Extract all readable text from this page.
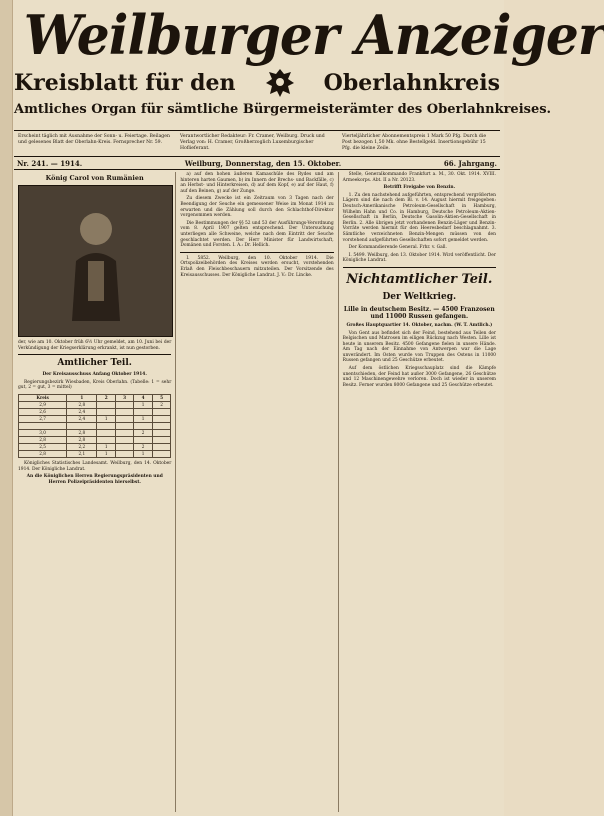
Weilburger Anzeiger
Kreisblatt für den	Oberlahnkreis
Amtliches Organ für sämtliche Bürgermeisterämter des Oberlahnkreises.
Erscheint täglich mit Ausnahme der Sonn- u. Feiertage. Beilagen und gelesenes Blatt der Oberlahn-Kreis. Fernsprecher Nr. 59.
Verantwortlicher Redakteur: Fr. Cramer, Weilburg. Druck und Verlag von: H. Cramer, Großherzoglich Luxemburgischer Hoflieferant.
Vierteljährlicher Abonnementspreis 1 Mark 50 Pfg. Durch die Post bezogen 1,50 Mk. ohne Bestellgeld. Insertionsgebühr 15 Pfg. die kleine Zeile.
Nr. 241. — 1914.	Weilburg, Donnerstag, den 15. Oktober.	66. Jahrgang.
König Carol von Rumänien
der, wie am 10. Oktober früh 6½ Uhr gemeldet, am 10. Juni bei der Verkündigung der Kriegserklärung erkrankt, ist nun gestorben.
Amtlicher Teil.
Der Kreisausschuss Anfang Oktober 1914.

Regierungsbezirk Wiesbaden, Kreis Oberlahn. (Tabelle: 1 = sehr gut, 2 = gut, 3 = mittel)

Kreis	1	2	3	4	5
2,9	2,8			1	2
2,6	2,4				
2,7	2,4	1		1	

3,0	2,8			2	
2,8	2,8				
2,5	2,2	1		2	
2,8	2,1	1		1	

Königliches Statistisches Landesamt. Weilburg, den 14. Oktober 1914. Der Königliche Landrat.

An die Königlichen Herren Regierungspräsidenten und Herren Polizeipräsidenten hierselbst.

a) auf den hohen äußeren Kamaschüle des Rydes und am hinteren harten Gaumen, b) im Innern der Brechs- und Backfälle, c) an Herbst- und Hinterkreisen, d) auf dem Kopf, e) auf der Haut, f) auf den Beinen, g) auf der Zunge.

Zu diesem Zwecke ist ein Zeitraum von 3 Tagen nach der Beendigung der Seuche ein gemessener Weise im Monat 1914 zu erwarten und die Zählung soll durch den Schlachthof-Direktor vorgenommen werden.

Die Bestimmungen der §§ 52 und 53 der Ausführungs-Verordnung vom 8. April 1907 gelten entsprechend. Der Untersuchung unterliegen alle Schweine, welche nach dem Eintritt der Seuche geschlachtet werden. Der Herr Minister für Landwirtschaft, Domänen und Forsten. I. A.: Dr. Hellich.

I. 5852. Weilburg, den 10. Oktober 1914. Die Ortspolizeibehörden des Kreises werden ersucht, vorstehenden Erlaß den Fleischbeschauern mitzuteilen. Der Vorsitzende des Kreisausschusses. Der Königliche Landrat. J. V.: Dr. Lincke.

Stelle, Generalkommando Frankfurt a. M., 30. Okt. 1914. XVIII. Armeekorps. Abt. II a Nr. 20123.

Betrifft Freigabe von Benzin.

1. Zu den nachstehend aufgeführten, entsprechend vergrößerten Lägern sind die nach dem Bl. v. 14. August hiermit freigegeben: Deutsch-Amerikanische Petroleum-Gesellschaft in Hamburg, Wilhelm Hahn und Co. in Hamburg, Deutsche Petroleum-Aktien-Gesellschaft in Berlin, Deutsche Gasolin-Aktien-Gesellschaft in Berlin. 2. Alle übrigen jetzt vorhandenen Benzin-Läger und Benzin-Vorräte werden hiermit für den Heeresbedarf beschlagnahmt. 3. Sämtliche verzeichneten Benzin-Mengen müssen von den vorstehend aufgeführten Gesellschaften sofort gemeldet werden.

Der Kommandierende General. Frhr. v. Gall.

I. 5499. Weilburg, den 13. Oktober 1914. Wird veröffentlicht. Der Königliche Landrat.

Nichtamtlicher Teil.
Der Weltkrieg.
Lille in deutschem Besitz. — 4500 Franzosen und 11000 Russen gefangen.
Großes Hauptquartier 14. Oktober, nachm. (W. T. Amtlich.)

Von Gent aus befindet sich der Feind, bestehend aus Teilen der Belgischen und Matrosen im eiligen Rückzug nach Westen. Lille ist heute in unserem Besitz. 4500 Gefangene fielen in unsere Hände. Am Tag nach der Einnahme von Antwerpen war die Lage unverändert. Im Osten wurde von Truppen des Ostens in 11000 Russen gefangen und 25 Geschütze erbeutet.

Auf dem östlichen Kriegsschauplatz sind die Kämpfe unentschieden, der Feind hat außer 3000 Gefangene, 26 Geschütze und 12 Maschinengewehre verloren. Doch ist wieder in unserem Besitz. Ferner wurden 8000 Gefangene und 25 Geschütze erbeutet.
